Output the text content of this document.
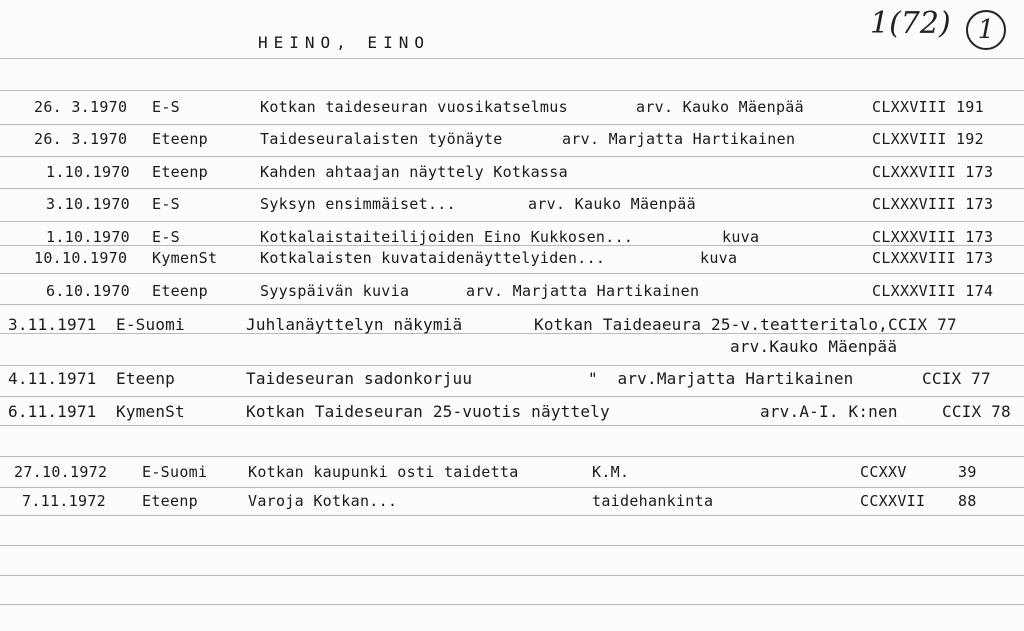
HEINO, EINO
1(72)	1
26. 3.1970 E-S	Kotkan taideseuran vuosikatselmus	arv. Kauko Mäenpää	CLXXVIII 191
26. 3.1970 Eteenp	Taideseuralaisten työnäyte	arv. Marjatta Hartikainen	CLXXVIII 192
1.10.1970 Eteenp	Kahden ahtaajan näyttely Kotkassa	CLXXXVIII 173
3.10.1970 E-S	Syksyn ensimmäiset...	arv. Kauko Mäenpää	CLXXXVIII 173
1.10.1970 E-S	Kotkalaistaiteilijoiden Eino Kukkosen...	kuva	CLXXXVIII 173
10.10.1970 KymenSt	Kotkalaisten kuvataidenäyttelyiden...	kuva	CLXXXVIII 173
6.10.1970 Eteenp	Syyspäivän kuvia	arv. Marjatta Hartikainen	CLXXXVIII 174
3.11.1971 E-Suomi	Juhlanäyttelyn näkymiä	Kotkan Taideaeura 25-v.teatteritalo,CCIX 77
arv.Kauko Mäenpää
4.11.1971 Eteenp	Taideseuran sadonkorjuu	"  arv.Marjatta Hartikainen	CCIX 77
6.11.1971 KymenSt	Kotkan Taideseuran 25-vuotis näyttely	arv.A-I. K:nen	CCIX 78
27.10.1972 E-Suomi	Kotkan kaupunki osti taidetta	K.M.	CCXXV	39
7.11.1972 Eteenp	Varoja Kotkan...	taidehankinta	CCXXVII 88
